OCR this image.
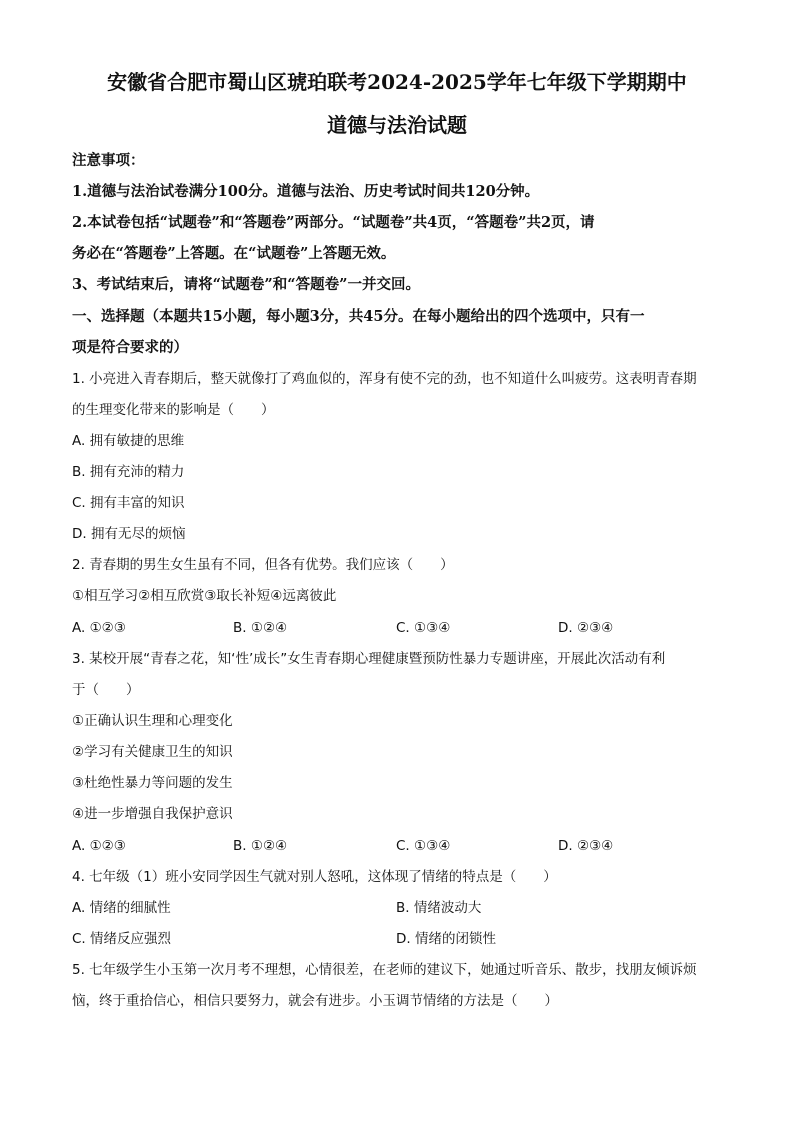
安徽省合肥市蜀山区琥珀联考2024-2025学年七年级下学期期中
道德与法治试题
注意事项：
1.道德与法治试卷满分100分。道德与法治、历史考试时间共120分钟。
2.本试卷包括“试题卷”和“答题卷”两部分。“试题卷”共4页，“答题卷”共2页，请
务必在“答题卷”上答题。在“试题卷”上答题无效。
3、考试结束后，请将“试题卷”和“答题卷”一并交回。
一、选择题（本题共15小题，每小题3分，共45分。在每小题给出的四个选项中，只有一
项是符合要求的）
1. 小亮进入青春期后，整天就像打了鸡血似的，浑身有使不完的劲，也不知道什么叫疲劳。这表明青春期
的生理变化带来的影响是（　　）
A. 拥有敏捷的思维
B. 拥有充沛的精力
C. 拥有丰富的知识
D. 拥有无尽的烦恼
2. 青春期的男生女生虽有不同，但各有优势。我们应该（　　）
①相互学习②相互欣赏③取长补短④远离彼此
A. ①②③	B. ①②④	C. ①③④	D. ②③④
3. 某校开展“青春之花，知‘性’成长”女生青春期心理健康暨预防性暴力专题讲座，开展此次活动有利
于（　　）
①正确认识生理和心理变化
②学习有关健康卫生的知识
③杜绝性暴力等问题的发生
④进一步增强自我保护意识
A. ①②③	B. ①②④	C. ①③④	D. ②③④
4. 七年级（1）班小安同学因生气就对别人怒吼，这体现了情绪的特点是（　　）
A. 情绪的细腻性	B. 情绪波动大
C. 情绪反应强烈	D. 情绪的闭锁性
5. 七年级学生小玉第一次月考不理想，心情很差，在老师的建议下，她通过听音乐、散步，找朋友倾诉烦
恼，终于重拾信心，相信只要努力，就会有进步。小玉调节情绪的方法是（　　）
